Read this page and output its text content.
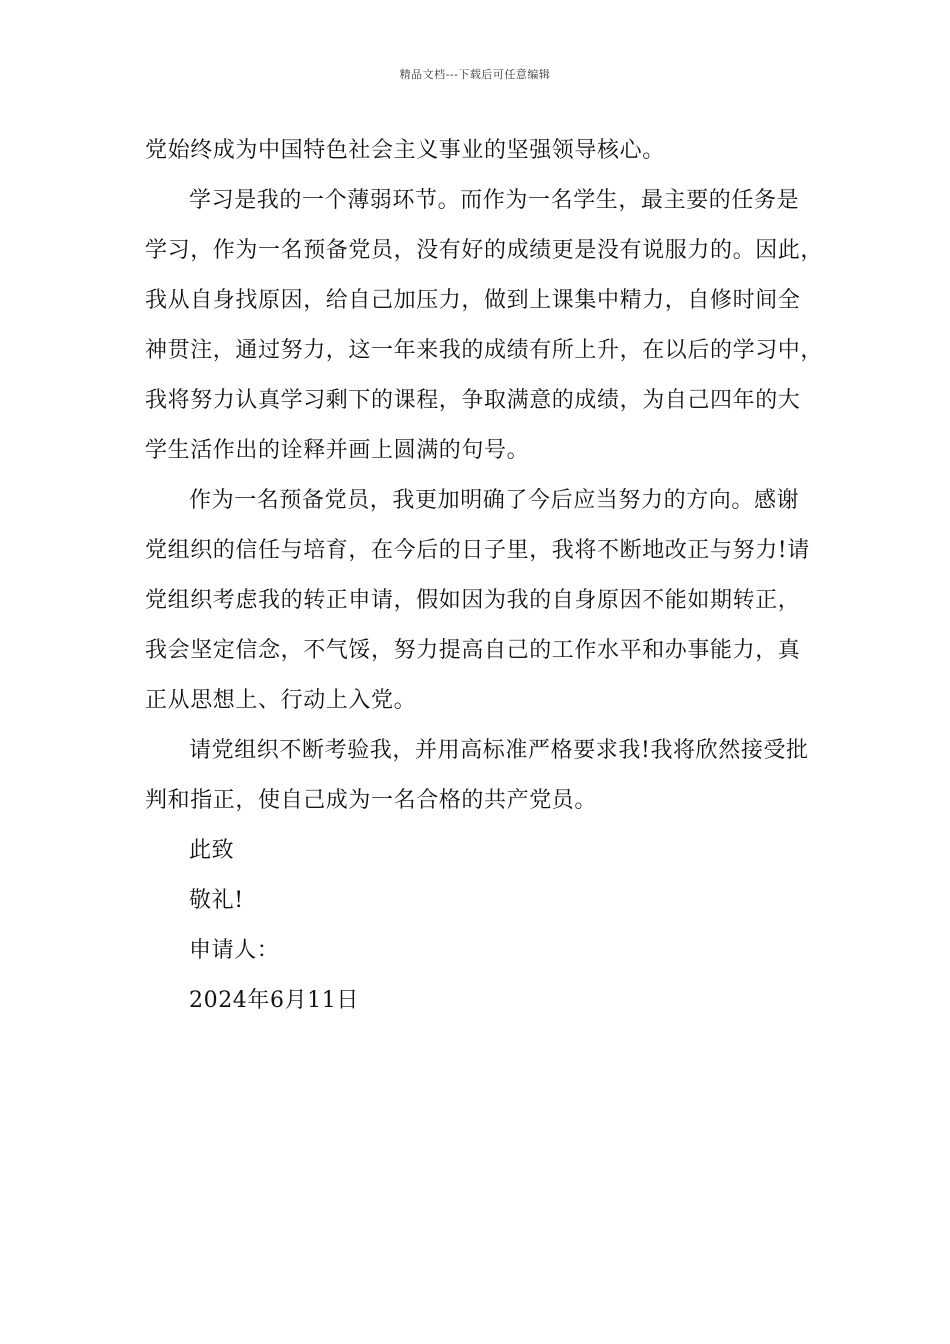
精品文档---下载后可任意编辑
党始终成为中国特色社会主义事业的坚强领导核心。
学习是我的一个薄弱环节。而作为一名学生，最主要的任务是
学习，作为一名预备党员，没有好的成绩更是没有说服力的。因此，
我从自身找原因，给自己加压力，做到上课集中精力，自修时间全
神贯注，通过努力，这一年来我的成绩有所上升，在以后的学习中，
我将努力认真学习剩下的课程，争取满意的成绩，为自己四年的大
学生活作出的诠释并画上圆满的句号。
作为一名预备党员，我更加明确了今后应当努力的方向。感谢
党组织的信任与培育，在今后的日子里，我将不断地改正与努力!请
党组织考虑我的转正申请，假如因为我的自身原因不能如期转正，
我会坚定信念，不气馁，努力提高自己的工作水平和办事能力，真
正从思想上、行动上入党。
请党组织不断考验我，并用高标准严格要求我!我将欣然接受批
判和指正，使自己成为一名合格的共产党员。
此致
敬礼!
申请人：
2024年6月11日
